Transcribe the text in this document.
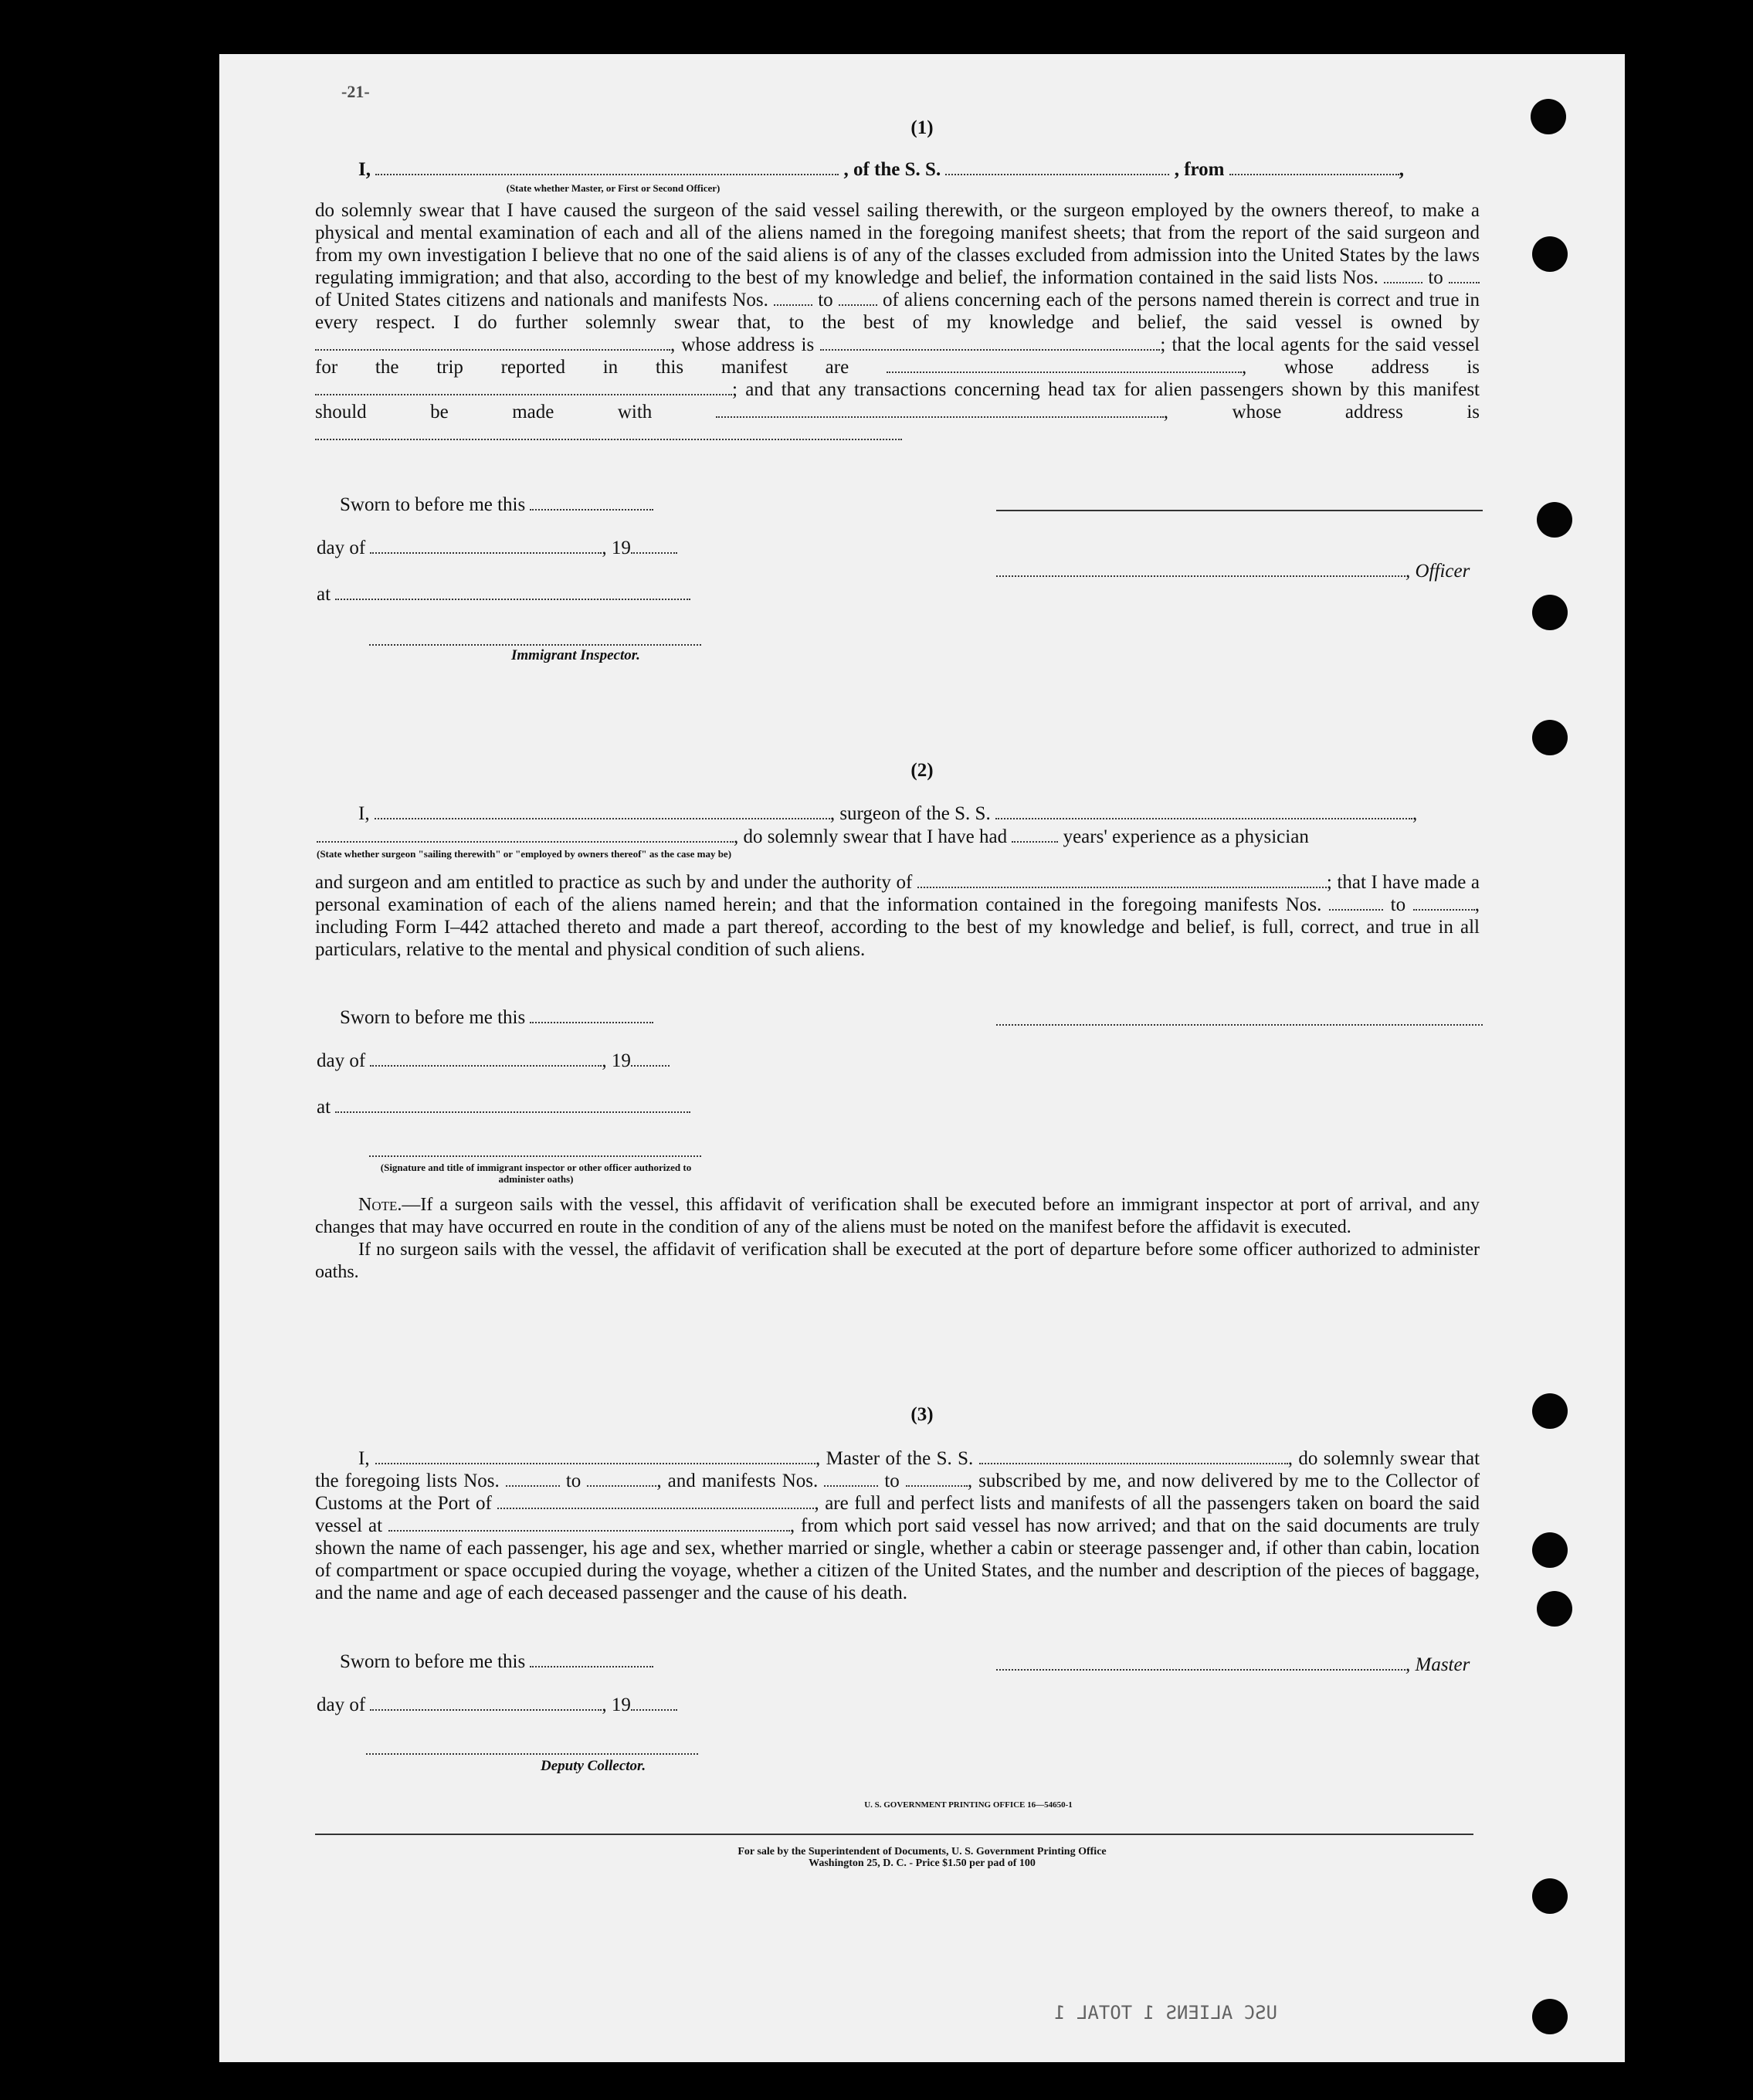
-21-
USC ALIENS 1 TOTAL 1
(1)
I,	, of the S. S.	, from	,
(State whether Master, or First or Second Officer)

do solemnly swear that I have caused the surgeon of the said vessel sailing therewith, or the surgeon employed by the owners thereof, to make a physical and mental examination of each and all of the aliens named in the foregoing manifest sheets; that from the report of the said surgeon and from my own investigation I believe that no one of the said aliens is of any of the classes excluded from admission into the United States by the laws regulating immigration; and that also, according to the best of my knowledge and belief, the information contained in the said lists Nos.	to  of United States citizens and nationals and manifests Nos.	to	of aliens concerning each of the persons named therein is correct and true in every respect. I do further solemnly swear that, to the best of my knowledge and belief, the said vessel is owned by , whose address is	; that the local agents for the said vessel for the trip reported in this manifest are	, whose address is ; and that any transactions concerning head tax for alien passengers shown by this manifest should be made with	, whose address is

Sworn to before me this
day of	, 19
, Officer
at
Immigrant Inspector.
(2)
I,	, surgeon of the S. S.	,
, do solemnly swear that I have had	years' experience as a physician
(State whether surgeon "sailing therewith" or "employed by owners thereof" as the case may be)

and surgeon and am entitled to practice as such by and under the authority of	; that I have made a personal examination of each of the aliens named herein; and that the information contained in the foregoing manifests Nos.	to	, including Form I–442 attached thereto and made a part thereof, according to the best of my knowledge and belief, is full, correct, and true in all particulars, relative to the mental and physical condition of such aliens.

Sworn to before me this
day of	, 19
at
(Signature and title of immigrant inspector or other officer authorized to administer oaths)

Note.—If a surgeon sails with the vessel, this affidavit of verification shall be executed before an immigrant inspector at port of arrival, and any changes that may have occurred en route in the condition of any of the aliens must be noted on the manifest before the affidavit is executed.

If no surgeon sails with the vessel, the affidavit of verification shall be executed at the port of departure before some officer authorized to administer oaths.

(3)

I,	, Master of the S. S.	, do solemnly swear that the foregoing lists Nos.	to	, and manifests Nos.	to	, subscribed by me, and now delivered by me to the Collector of Customs at the Port of	, are full and perfect lists and manifests of all the passengers taken on board the said vessel at	, from which port said vessel has now arrived; and that on the said documents are truly shown the name of each passenger, his age and sex, whether married or single, whether a cabin or steerage passenger and, if other than cabin, location of compartment or space occupied during the voyage, whether a citizen of the United States, and the number and description of the pieces of baggage, and the name and age of each deceased passenger and the cause of his death.

Sworn to before me this	, Master
day of	, 19
Deputy Collector.
U. S. GOVERNMENT PRINTING OFFICE 16—54650-1
For sale by the Superintendent of Documents, U. S. Government Printing Office
Washington 25, D. C. - Price $1.50 per pad of 100
